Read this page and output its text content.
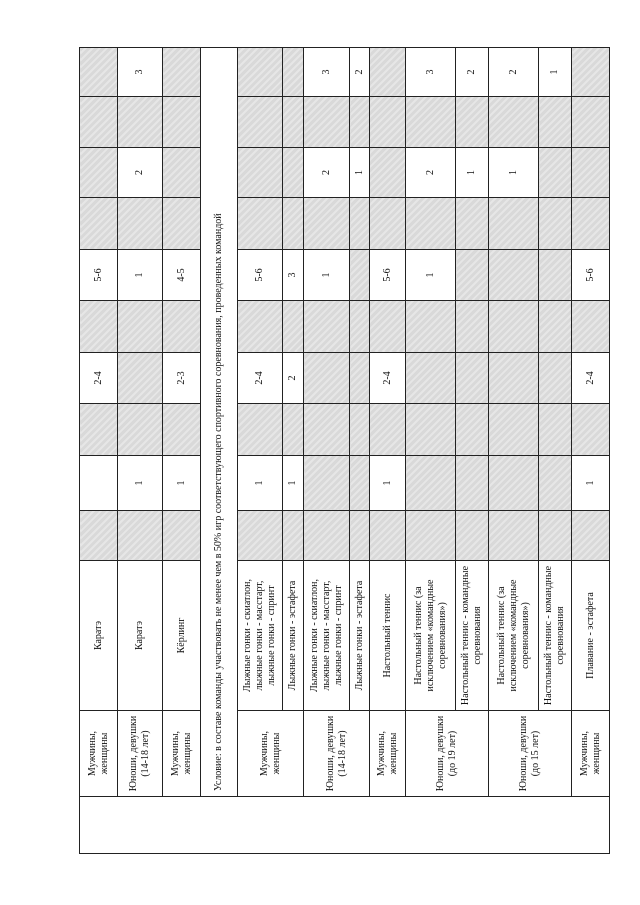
	Мужчины, женщины	Каратэ				2-4		5-6				
	Юноши, девушки (14-18 лет)	Каратэ		1				1		2		3
	Мужчины, женщины	Кёрлинг		1		2-3		4-5				
	Условие: в составе команды участвовать не менее чем в 50% игр соответствующего спортивного соревнования, проведенных командой											
	Мужчины, женщины	Лыжные гонки - скиатлон, лыжные гонки - масстарт, лыжные гонки - спринт		1		2-4		5-6				
		Лыжные гонки - эстафета		1		2		3				
	Юноши, девушки (14-18 лет)	Лыжные гонки - скиатлон, лыжные гонки - масстарт, лыжные гонки - спринт						1		2		3
		Лыжные гонки - эстафета								1		2
	Мужчины, женщины	Настольный теннис		1		2-4		5-6				
	Юноши, девушки (до 19 лет)	Настольный теннис (за исключением «командные соревнования»)						1		2		3
		Настольный теннис - командные соревнования								1		2
	Юноши, девушки (до 15 лет)	Настольный теннис (за исключением «командные соревнования»)								1		2
		Настольный теннис - командные соревнования										1
	Мужчины, женщины	Плавание - эстафета		1		2-4		5-6				
